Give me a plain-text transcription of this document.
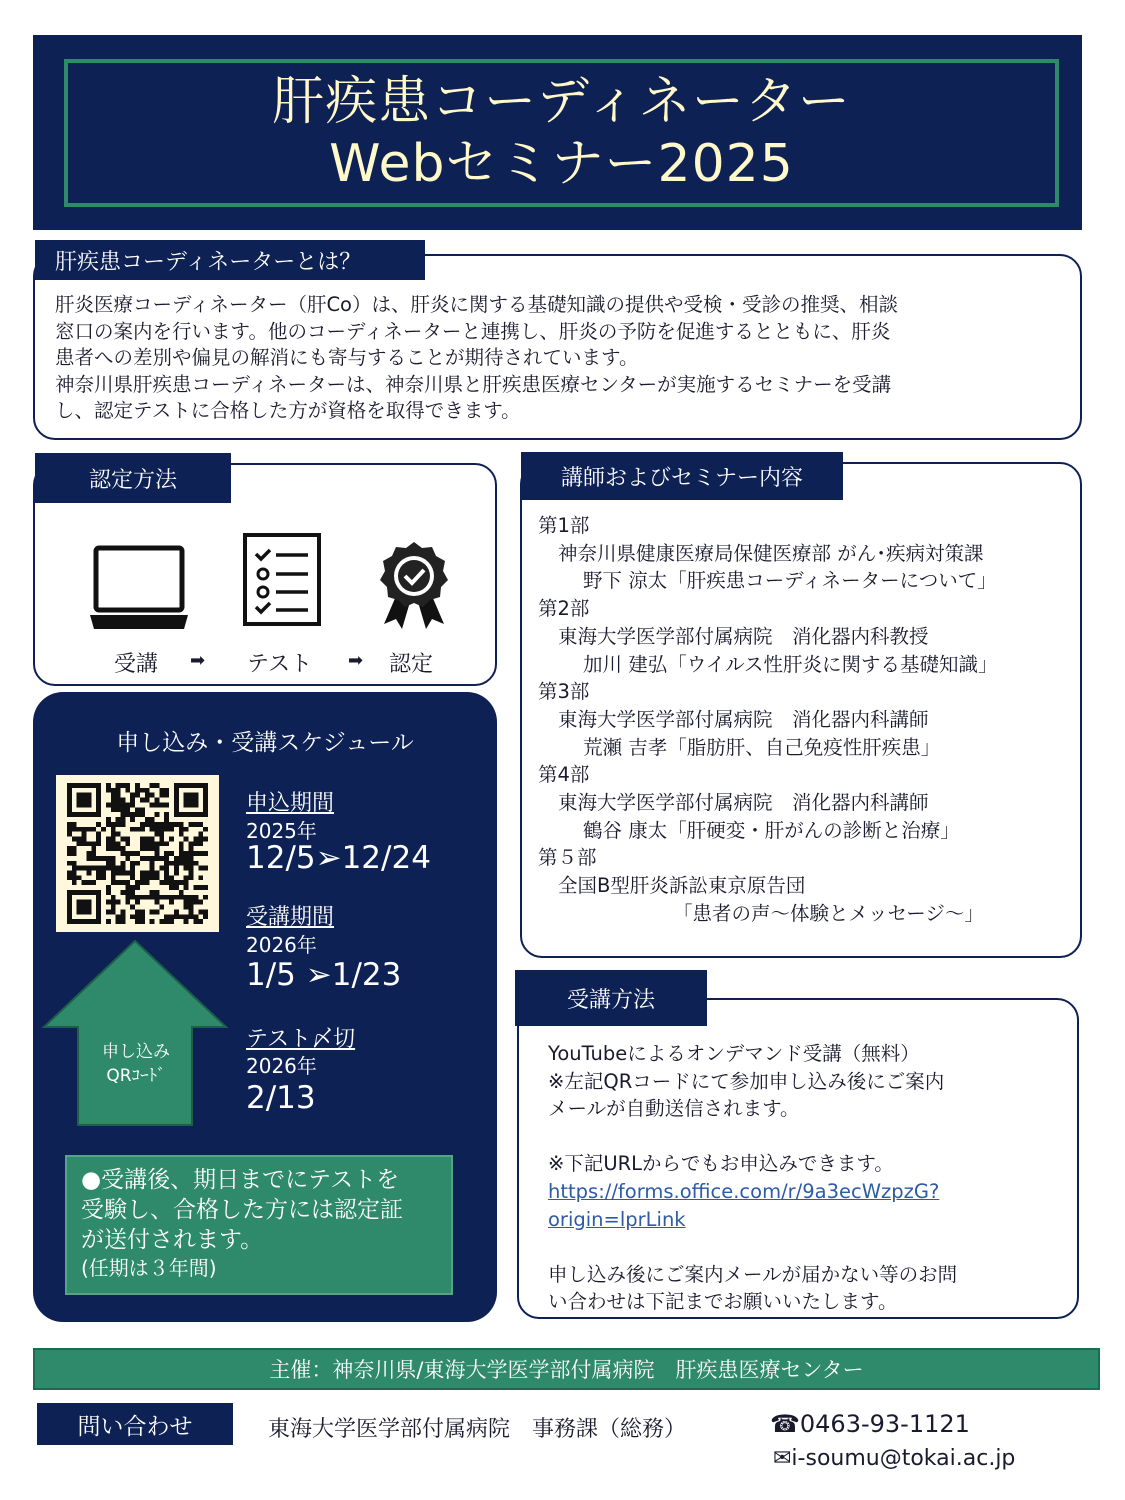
肝疾患コーディネーター
Webセミナー2025
肝疾患コーディネーターとは？

肝炎医療コーディネーター（肝Co）は、肝炎に関する基礎知識の提供や受検・受診の推奨、相談

窓口の案内を行います。他のコーディネーターと連携し、肝炎の予防を促進するとともに、肝炎

患者への差別や偏見の解消にも寄与することが期待されています。

神奈川県肝疾患コーディネーターは、神奈川県と肝疾患医療センターが実施するセミナーを受講

し、認定テストに合格した方が資格を取得できます。

認定方法
受講 ➡ テスト ➡ 認定
申し込み・受講スケジュール
申し込み
QRｺｰﾄﾞ
申込期間
2025年
12/5➢12/24
受講期間
2026年
1/5 ➢1/23
テスト〆切
2026年
2/13
●受講後、期日までにテストを
受験し、合格した方には認定証
が送付されます。
(任期は３年間)
講師およびセミナー内容

第1部

神奈川県健康医療局保健医療部 がん･疾病対策課

野下 涼太「肝疾患コーディネーターについて」

第2部

東海大学医学部付属病院　消化器内科教授

加川 建弘「ウイルス性肝炎に関する基礎知識」

第3部

東海大学医学部付属病院　消化器内科講師

荒瀬 吉孝「脂肪肝、自己免疫性肝疾患」

第4部

東海大学医学部付属病院　消化器内科講師

鶴谷 康太「肝硬変・肝がんの診断と治療」

第５部

全国B型肝炎訴訟東京原告団

「患者の声～体験とメッセージ～」

受講方法

YouTubeによるオンデマンド受講（無料）

※左記QRコードにて参加申し込み後にご案内

メールが自動送信されます。

※下記URLからでもお申込みできます。

https://forms.office.com/r/9a3ecWzpzG?

origin=lprLink

申し込み後にご案内メールが届かない等のお問

い合わせは下記までお願いいたします。

主催：神奈川県/東海大学医学部付属病院　肝疾患医療センター
問い合わせ	東海大学医学部付属病院　事務課（総務）	☎0463-93-1121
✉i-soumu@tokai.ac.jp
